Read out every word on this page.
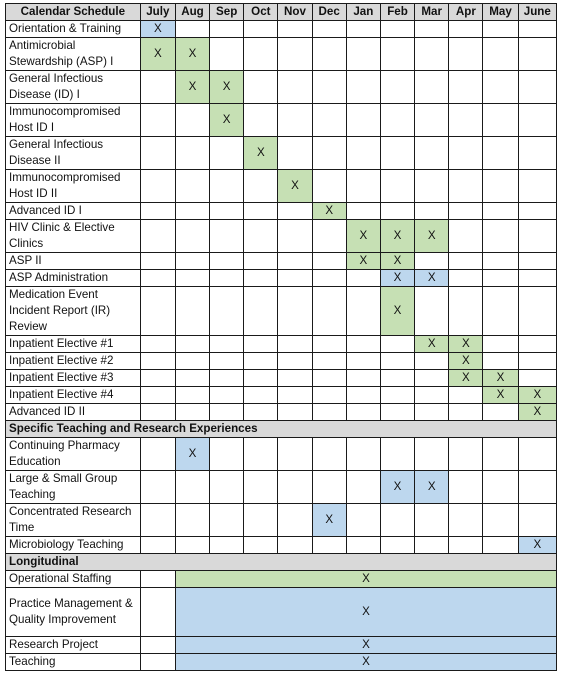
Calendar Schedule	July	Aug	Sep	Oct	Nov	Dec	Jan	Feb	Mar	Apr	May	June
Orientation & Training	X											
Antimicrobial Stewardship (ASP) I	X	X										
General Infectious Disease (ID) I		X	X									
Immunocompromised Host ID I			X									
General Infectious Disease II				X								
Immunocompromised Host ID II					X							
Advanced ID I						X						
HIV Clinic & Elective Clinics							X	X	X			
ASP II							X	X				
ASP Administration								X	X			
Medication Event Incident Report (IR) Review								X				
Inpatient Elective #1									X	X		
Inpatient Elective #2										X		
Inpatient Elective #3										X	X	
Inpatient Elective #4											X	X
Advanced ID II												X
Specific Teaching and Research Experiences												
Continuing Pharmacy Education		X										
Large & Small Group Teaching								X	X			
Concentrated Research Time						X						
Microbiology Teaching												X
Longitudinal												
Operational Staffing		X										
Practice Management & Quality Improvement		X										
Research Project		X										
Teaching		X										
